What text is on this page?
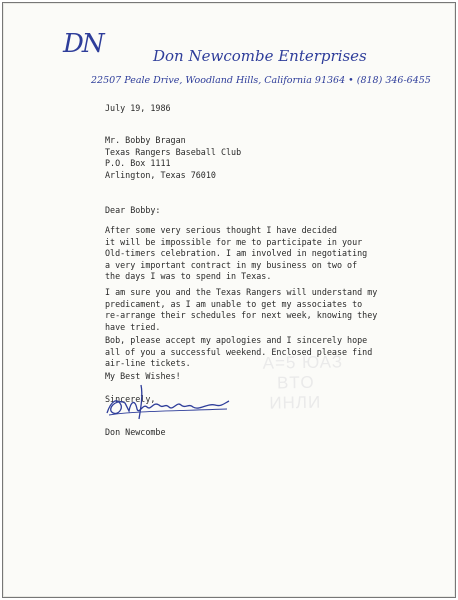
DN	Don Newcombe Enterprises
22507 Peale Drive, Woodland Hills, California 91364 • (818) 346-6455
A=5 ЮАЗ
BTO
ИНЛИ
July 19, 1986
Mr. Bobby Bragan
Texas Rangers Baseball Club
P.O. Box 1111
Arlington, Texas 76010
Dear Bobby:
After some very serious thought I have decided
it will be impossible for me to participate in your
Old-timers celebration. I am involved in negotiating
a very important contract in my business on two of
the days I was to spend in Texas.
I am sure you and the Texas Rangers will understand my
predicament, as I am unable to get my associates to
re-arrange their schedules for next week, knowing they
have tried.
Bob, please accept my apologies and I sincerely hope
all of you a successful weekend. Enclosed please find
air-line tickets.
My Best Wishes!
Sincerely,
Don Newcombe
